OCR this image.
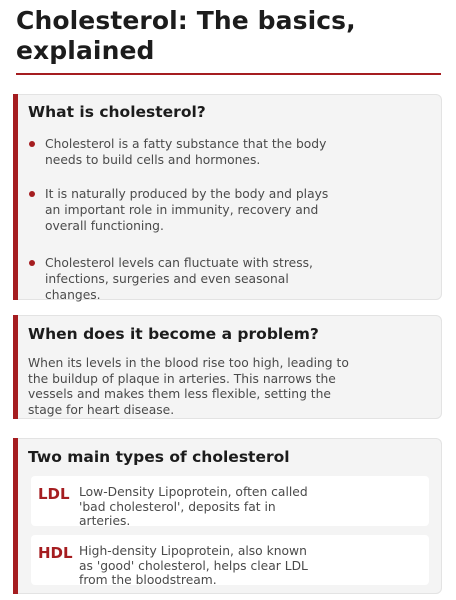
Cholesterol: The basics, explained
What is cholesterol?
Cholesterol is a fatty substance that the body needs to build cells and hormones.
It is naturally produced by the body and plays an important role in immunity, recovery and overall functioning.
Cholesterol levels can fluctuate with stress, infections, surgeries and even seasonal changes.
When does it become a problem?

When its levels in the blood rise too high, leading to the buildup of plaque in arteries. This narrows the vessels and makes them less flexible, setting the stage for heart disease.

Two main types of cholesterol
LDL Low-Density Lipoprotein, often called 'bad cholesterol', deposits fat in arteries.
HDL High-density Lipoprotein, also known as 'good' cholesterol, helps clear LDL from the bloodstream.
